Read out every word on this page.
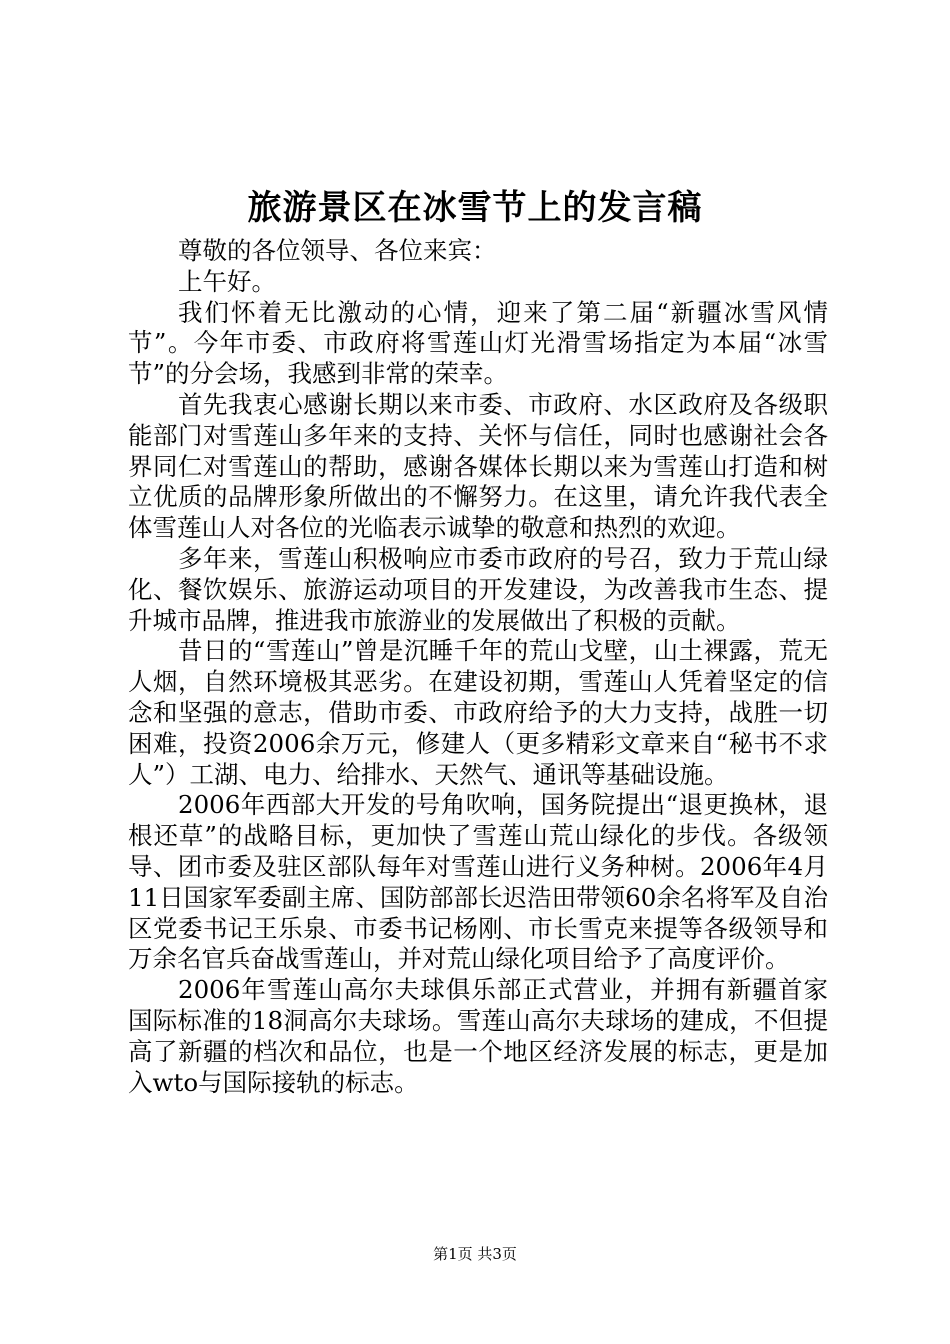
旅游景区在冰雪节上的发言稿

尊敬的各位领导、各位来宾：

上午好。

我们怀着无比激动的心情，迎来了第二届“新疆冰雪风情节”。今年市委、市政府将雪莲山灯光滑雪场指定为本届“冰雪节”的分会场，我感到非常的荣幸。

首先我衷心感谢长期以来市委、市政府、水区政府及各级职能部门对雪莲山多年来的支持、关怀与信任，同时也感谢社会各界同仁对雪莲山的帮助，感谢各媒体长期以来为雪莲山打造和树立优质的品牌形象所做出的不懈努力。在这里，请允许我代表全体雪莲山人对各位的光临表示诚挚的敬意和热烈的欢迎。

多年来，雪莲山积极响应市委市政府的号召，致力于荒山绿化、餐饮娱乐、旅游运动项目的开发建设，为改善我市生态、提升城市品牌，推进我市旅游业的发展做出了积极的贡献。

昔日的“雪莲山”曾是沉睡千年的荒山戈壁，山土裸露，荒无人烟，自然环境极其恶劣。在建设初期，雪莲山人凭着坚定的信念和坚强的意志，借助市委、市政府给予的大力支持，战胜一切困难，投资2006余万元，修建人（更多精彩文章来自“秘书不求人”）工湖、电力、给排水、天然气、通讯等基础设施。

2006年西部大开发的号角吹响，国务院提出“退更换林，退根还草”的战略目标，更加快了雪莲山荒山绿化的步伐。各级领导、团市委及驻区部队每年对雪莲山进行义务种树。2006年4月11日国家军委副主席、国防部部长迟浩田带领60余名将军及自治区党委书记王乐泉、市委书记杨刚、市长雪克来提等各级领导和万余名官兵奋战雪莲山，并对荒山绿化项目给予了高度评价。

2006年雪莲山高尔夫球俱乐部正式营业，并拥有新疆首家国际标准的18洞高尔夫球场。雪莲山高尔夫球场的建成，不但提高了新疆的档次和品位，也是一个地区经济发展的标志，更是加入wto与国际接轨的标志。

第1页 共3页
